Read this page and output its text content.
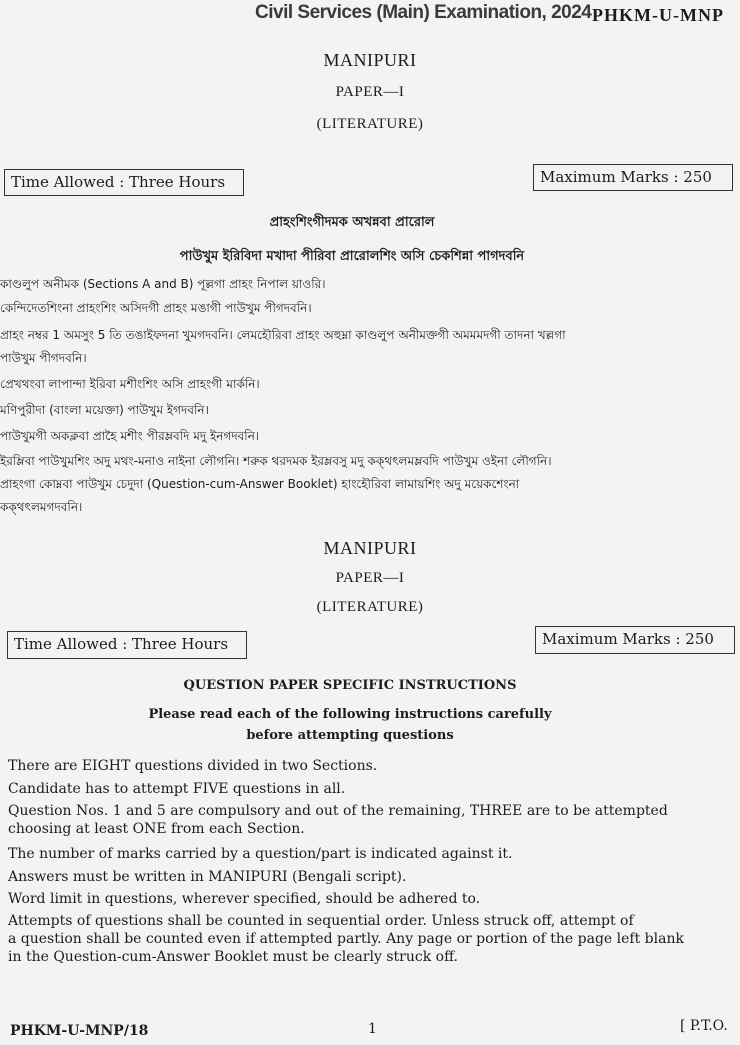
Civil Services (Main) Examination, 2024 PHKM-U-MNP
MANIPURI
PAPER—I
(LITERATURE)
Time Allowed : Three Hours	Maximum Marks : 250
প্রাহংশিংগীদমক অখন্নবা প্রারোল
পাউখুম ইরিবিদা মখাদা পীরিবা প্রারোলশিং অসি চেকশিন্না পাগদবনি
কাণ্ডলুপ অনীমক (Sections A and B) পূল্লগা প্রাহং নিপাল য়াওরি।
কেন্দিদেতশিংনা প্রাহংশিং অসিদগী প্রাহং মঙাগী পাউখুম পীগদবনি।
প্রাহং নম্বর 1 অমসুং 5 তি তঙাইফদনা খুমগদবনি। লেমহৌরিবা প্রাহং অহুম্না কাণ্ডলুপ অনীমক্তগী অমমমদগী তাদনা খল্লগা
পাউখুম পীগদবনি।
প্রেখথংবা লাপান্দা ইরিবা মশীংশিং অসি প্রাহংগী মার্কনি।
মণিপুরীদা (বাংলা ময়েক্তা) পাউখুম ইগদবনি।
পাউখুমগী অকক্লবা প্রাহৈ মশীং পীরম্লবদি মদু ইনগদবনি।
ইরম্লিবা পাউখুমশিং অদু মথং-মনাও নাইনা লৌগনি। শরুক থরদমক ইরম্লবসু মদু কক্থৎলমম্লবদি পাউখুম ওইনা লৌগনি।
প্রাহংগা কোম্নবা পাউখুম চেদুদা (Question-cum-Answer Booklet) হাংহৌরিবা লামায়শিং অদু ময়েকশেংনা
কক্থৎলমগদবনি।
MANIPURI
PAPER—I
(LITERATURE)
Time Allowed : Three Hours	Maximum Marks : 250
QUESTION PAPER SPECIFIC INSTRUCTIONS
Please read each of the following instructions carefully
before attempting questions
There are EIGHT questions divided in two Sections.
Candidate has to attempt FIVE questions in all.
Question Nos. 1 and 5 are compulsory and out of the remaining, THREE are to be attempted
choosing at least ONE from each Section.
The number of marks carried by a question/part is indicated against it.
Answers must be written in MANIPURI (Bengali script).
Word limit in questions, wherever specified, should be adhered to.
Attempts of questions shall be counted in sequential order. Unless struck off, attempt of
a question shall be counted even if attempted partly. Any page or portion of the page left blank
in the Question-cum-Answer Booklet must be clearly struck off.
PHKM-U-MNP/18	1	[ P.T.O.
